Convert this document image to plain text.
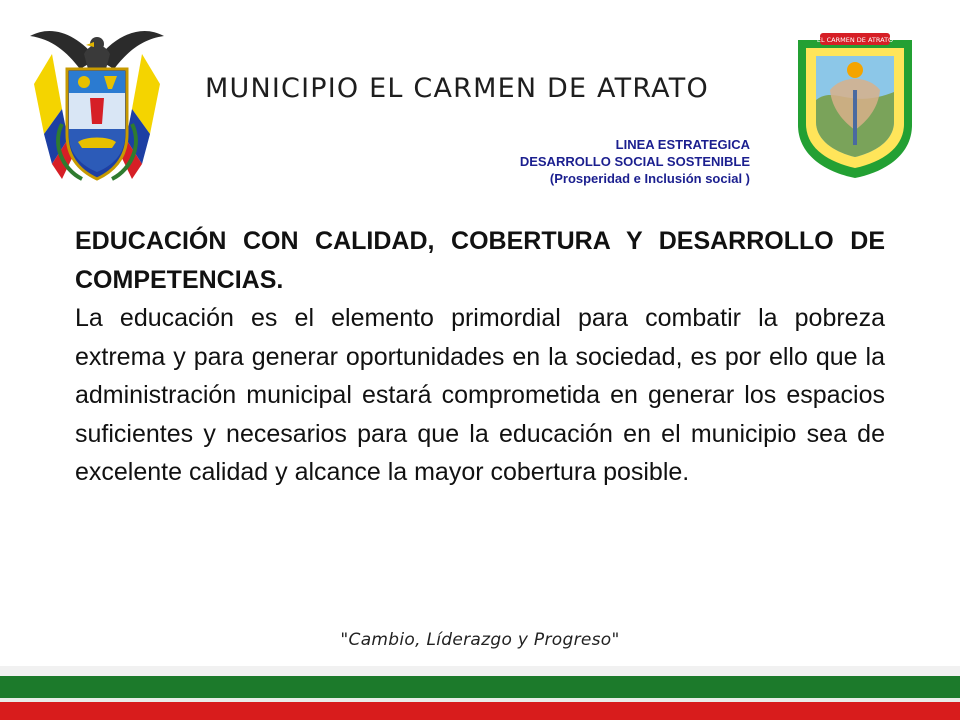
MUNICIPIO EL CARMEN DE ATRATO
LINEA ESTRATEGICA
DESARROLLO SOCIAL SOSTENIBLE
(Prosperidad e Inclusión social )
EL CARMEN DE ATRATO

EDUCACIÓN CON CALIDAD, COBERTURA Y DESARROLLO DE COMPETENCIAS.

La educación es el elemento primordial para combatir la pobreza extrema y para generar oportunidades en la sociedad, es por ello que la administración municipal estará comprometida en generar los espacios suficientes y necesarios para que la educación en el municipio sea de excelente calidad y alcance la mayor cobertura posible.

"Cambio, Líderazgo y Progreso"
